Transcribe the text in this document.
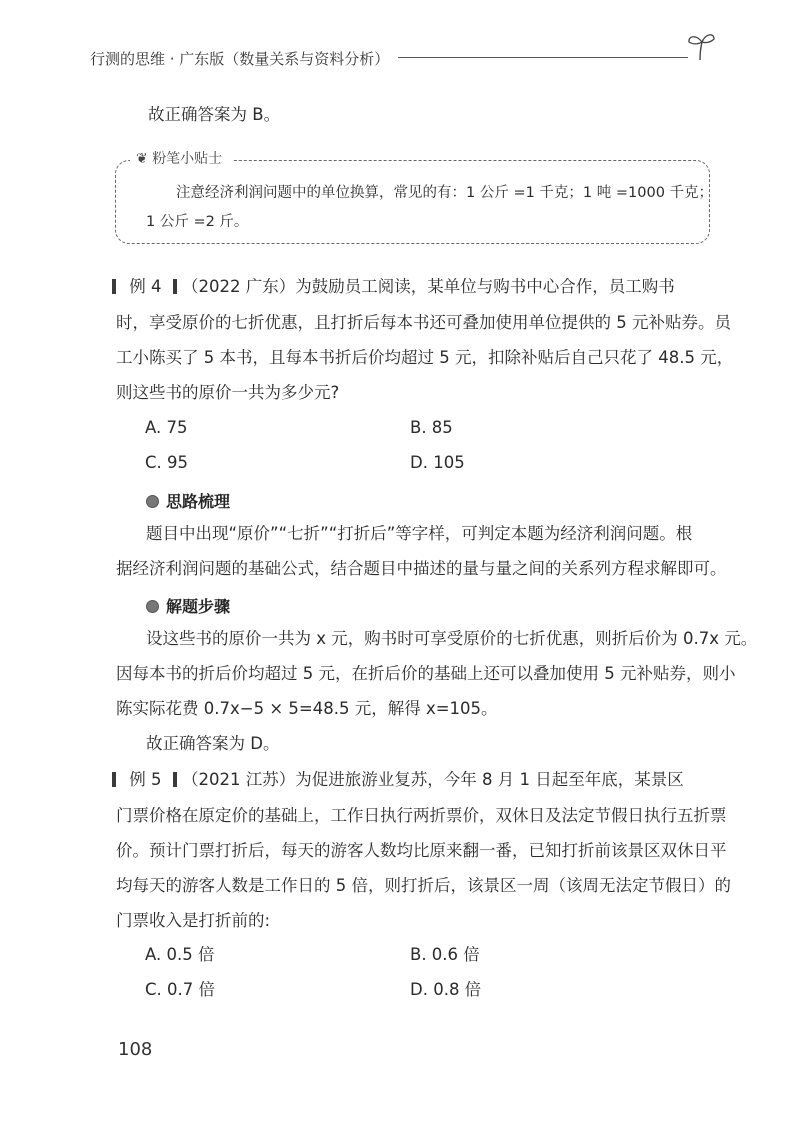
行测的思维 · 广东版（数量关系与资料分析）
故正确答案为 B。
❦ 粉笔小贴士
注意经济利润问题中的单位换算，常见的有：1 公斤 =1 千克；1 吨 =1000 千克；
1 公斤 =2 斤。
例 4 （2022 广东）为鼓励员工阅读，某单位与购书中心合作，员工购书
时，享受原价的七折优惠，且打折后每本书还可叠加使用单位提供的 5 元补贴券。员
工小陈买了 5 本书，且每本书折后价均超过 5 元，扣除补贴后自己只花了 48.5 元，
则这些书的原价一共为多少元?
A. 75	B. 85
C. 95	D. 105
思路梳理
题目中出现“原价”“七折”“打折后”等字样，可判定本题为经济利润问题。根
据经济利润问题的基础公式，结合题目中描述的量与量之间的关系列方程求解即可。
解题步骤
设这些书的原价一共为 x 元，购书时可享受原价的七折优惠，则折后价为 0.7x 元。
因每本书的折后价均超过 5 元，在折后价的基础上还可以叠加使用 5 元补贴券，则小
陈实际花费 0.7x−5 × 5=48.5 元，解得 x=105。
故正确答案为 D。
例 5 （2021 江苏）为促进旅游业复苏，今年 8 月 1 日起至年底，某景区
门票价格在原定价的基础上，工作日执行两折票价，双休日及法定节假日执行五折票
价。预计门票打折后，每天的游客人数均比原来翻一番，已知打折前该景区双休日平
均每天的游客人数是工作日的 5 倍，则打折后，该景区一周（该周无法定节假日）的
门票收入是打折前的:
A. 0.5 倍	B. 0.6 倍
C. 0.7 倍	D. 0.8 倍
108
